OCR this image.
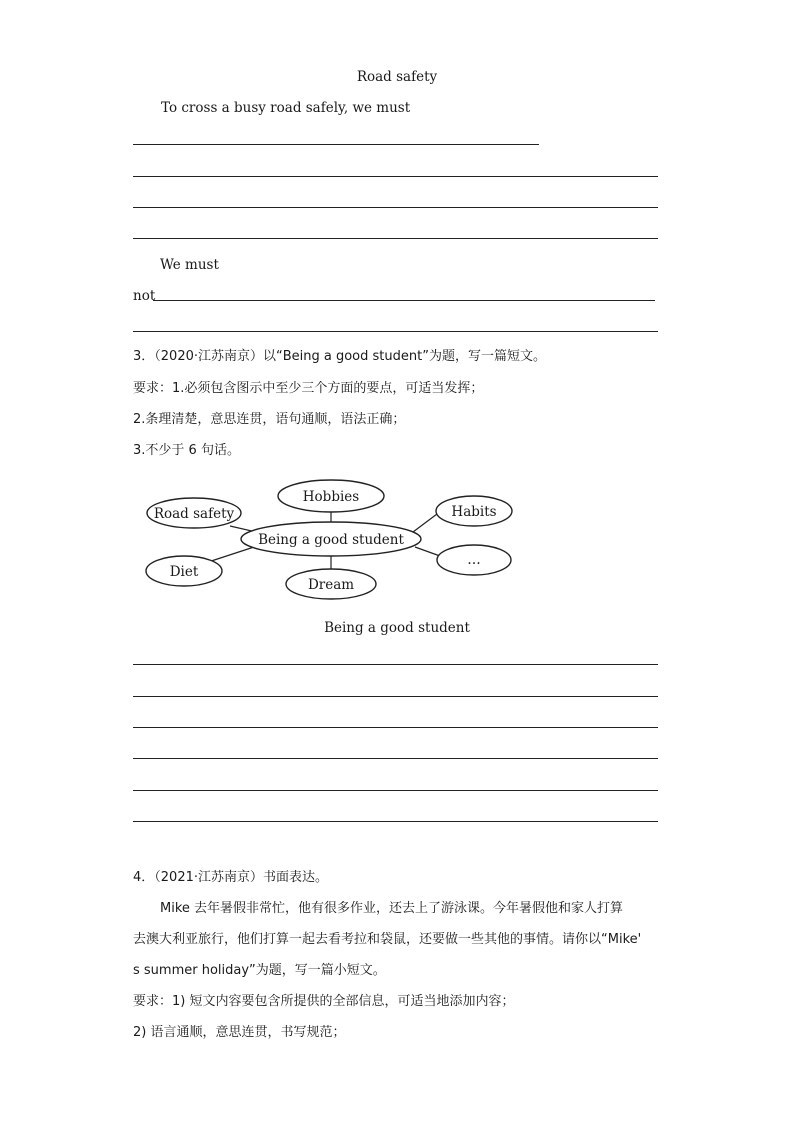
Road safety
To cross a busy road safely, we must
We must
not
3．（2020·江苏南京）以“Being a good student”为题，写一篇短文。
要求：1.必须包含图示中至少三个方面的要点，可适当发挥；
2.条理清楚，意思连贯，语句通顺，语法正确；
3.不少于 6 句话。
Hobbies
Road safety	Habits
Diet
Dream
…
Being a good student
Being a good student
4．（2021·江苏南京）书面表达。
Mike 去年暑假非常忙，他有很多作业，还去上了游泳课。今年暑假他和家人打算
去澳大利亚旅行，他们打算一起去看考拉和袋鼠，还要做一些其他的事情。请你以“Mike'
s summer holiday”为题，写一篇小短文。
要求：1) 短文内容要包含所提供的全部信息，可适当地添加内容；
2) 语言通顺，意思连贯，书写规范；
